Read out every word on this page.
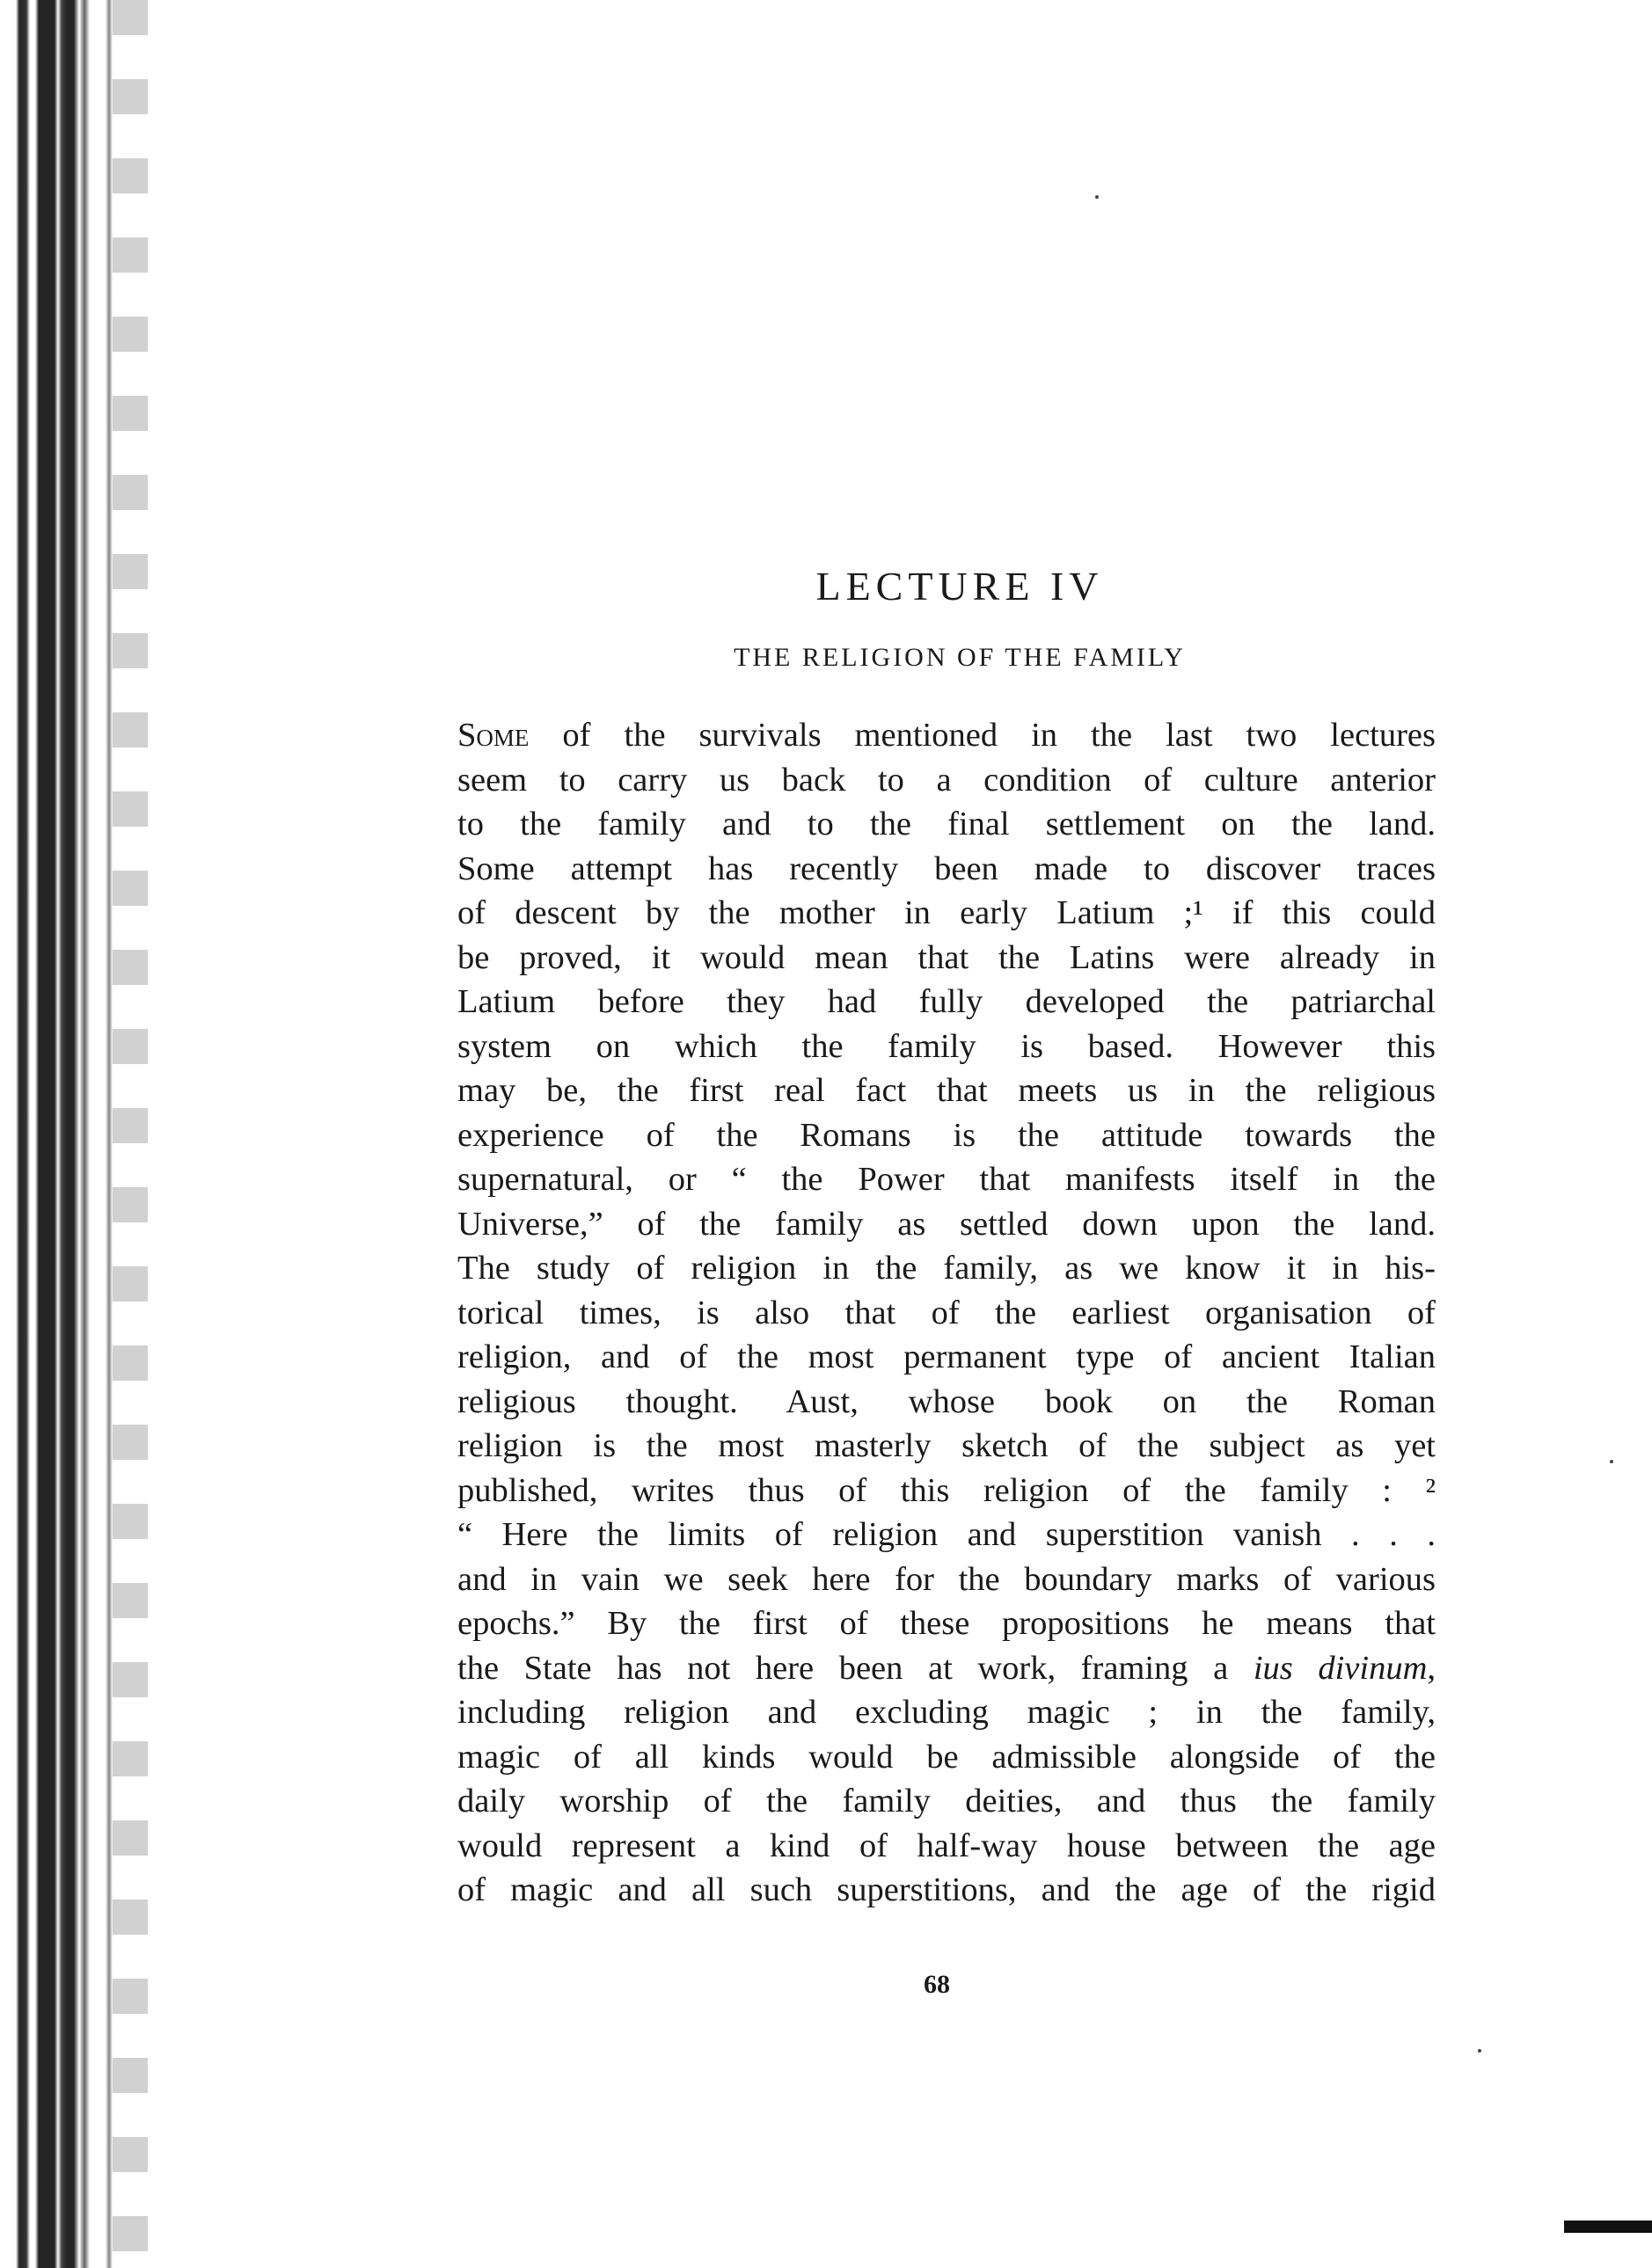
LECTURE IV
THE RELIGION OF THE FAMILY
Some of the survivals mentioned in the last two lectures
seem to carry us back to a condition of culture anterior
to the family and to the final settlement on the land.
Some attempt has recently been made to discover traces
of descent by the mother in early Latium ;¹ if this could
be proved, it would mean that the Latins were already in
Latium before they had fully developed the patriarchal
system on which the family is based. However this
may be, the first real fact that meets us in the religious
experience of the Romans is the attitude towards the
supernatural, or “ the Power that manifests itself in the
Universe,” of the family as settled down upon the land.
The study of religion in the family, as we know it in his-
torical times, is also that of the earliest organisation of
religion, and of the most permanent type of ancient Italian
religious thought. Aust, whose book on the Roman
religion is the most masterly sketch of the subject as yet
published, writes thus of this religion of the family : ²
“ Here the limits of religion and superstition vanish . . .
and in vain we seek here for the boundary marks of various
epochs.” By the first of these propositions he means that
the State has not here been at work, framing a ius divinum,
including religion and excluding magic ; in the family,
magic of all kinds would be admissible alongside of the
daily worship of the family deities, and thus the family
would represent a kind of half-way house between the age
of magic and all such superstitions, and the age of the rigid
68
